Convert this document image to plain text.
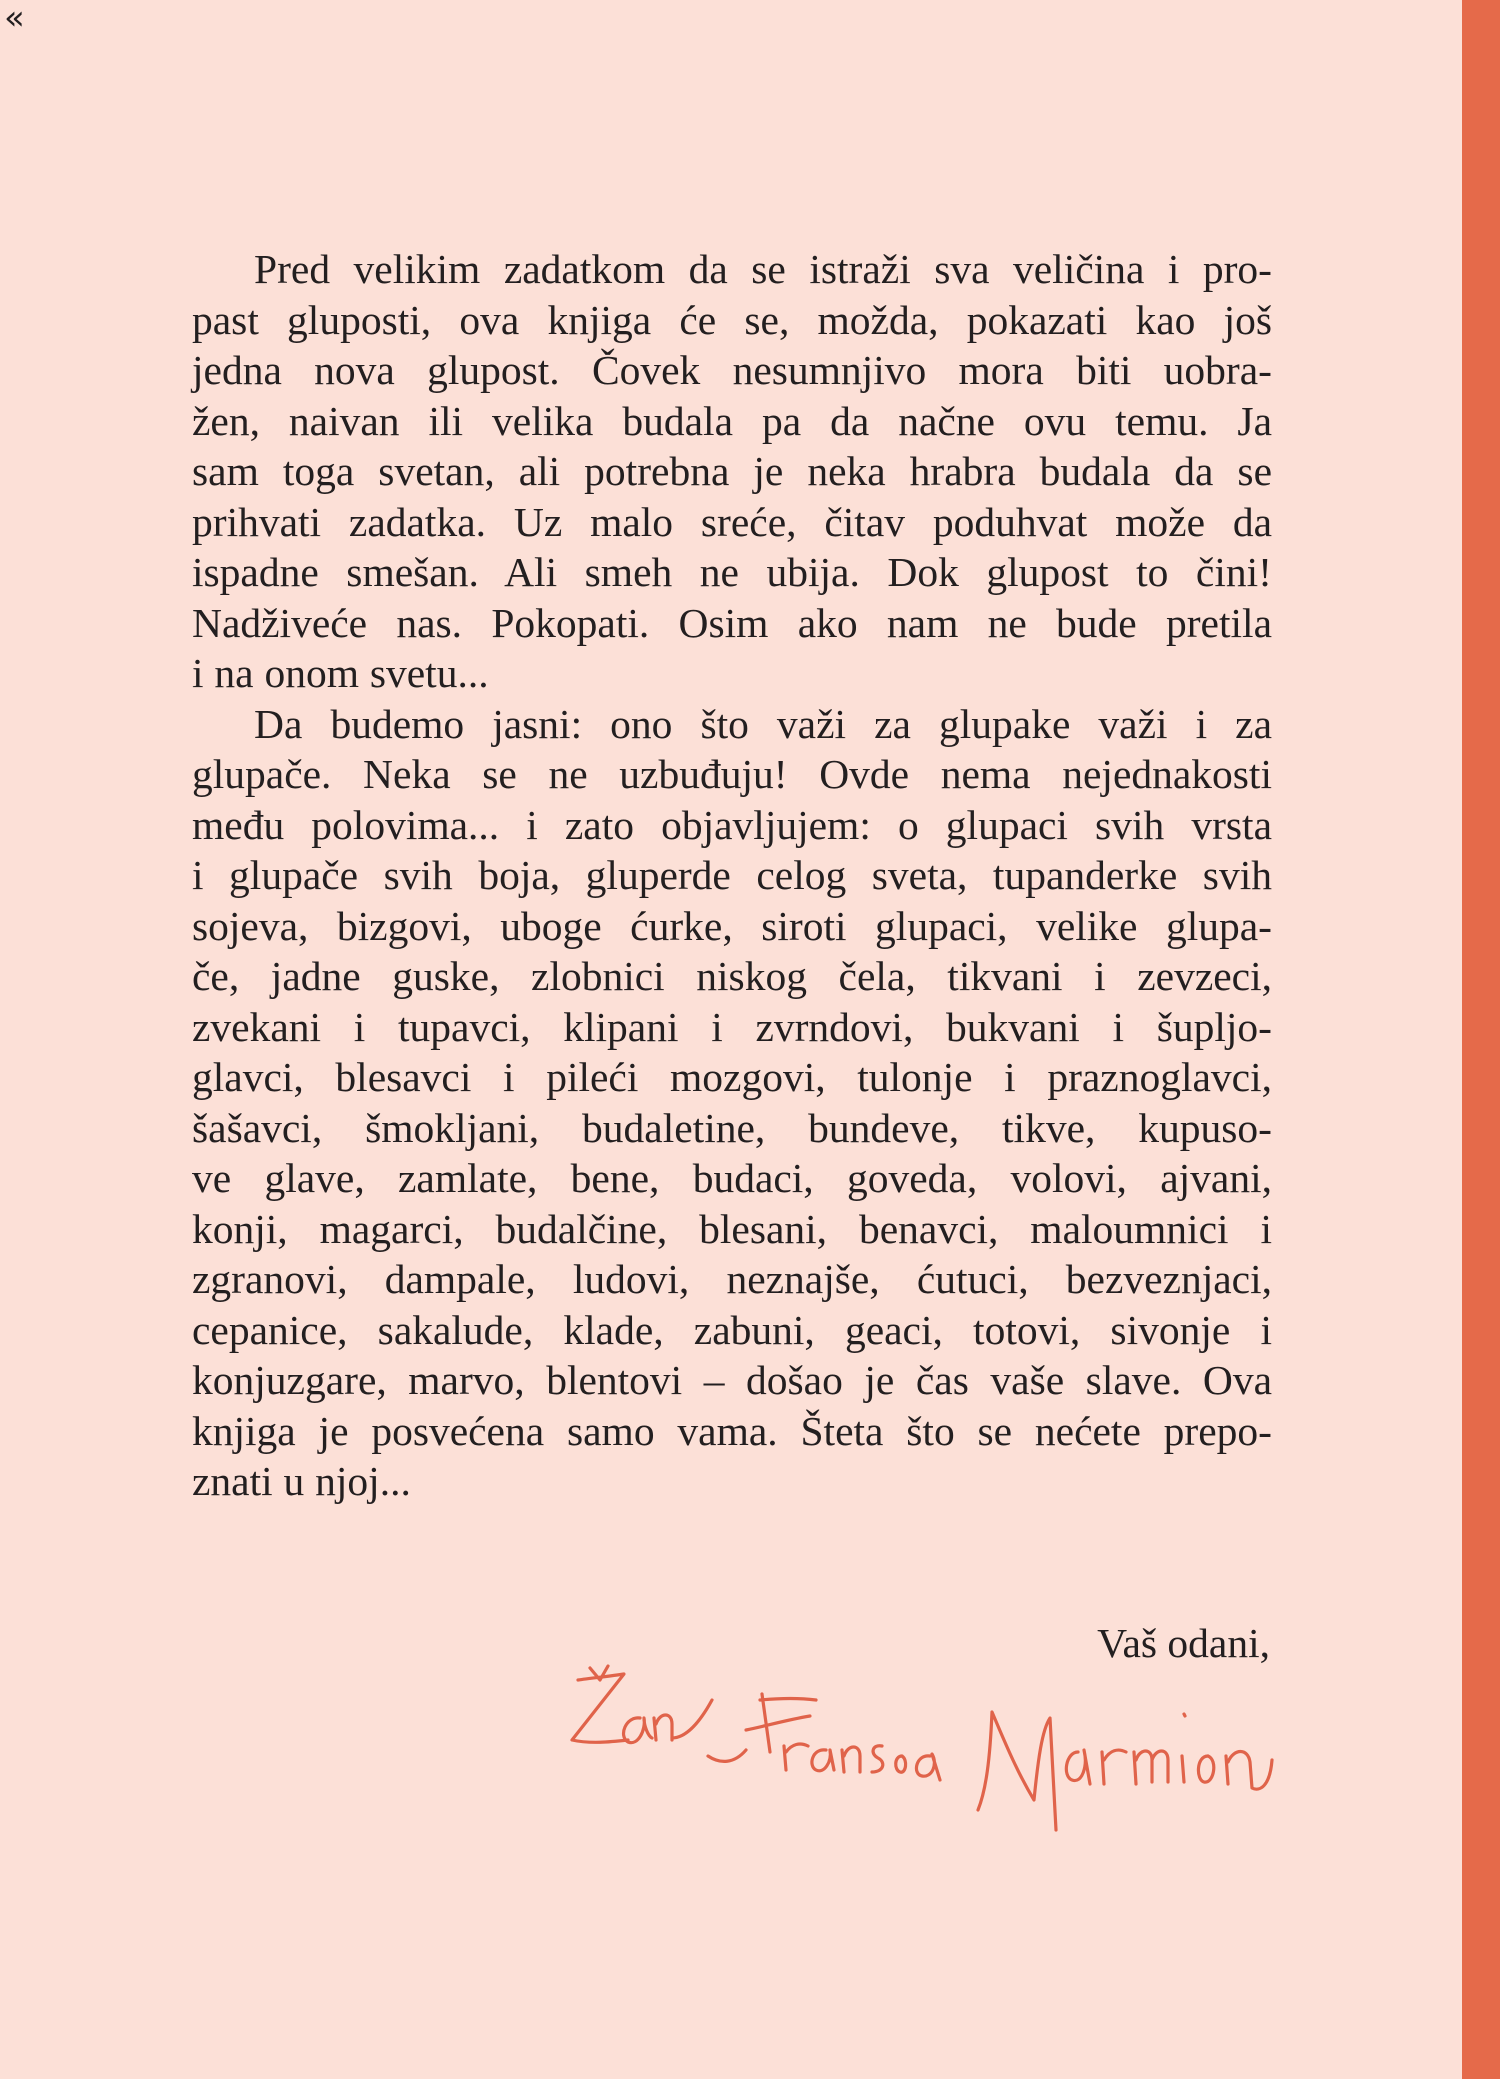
«

Pred velikim zadatkom da se istraži sva veličina i pro-
past gluposti, ova knjiga će se, možda, pokazati kao još
jedna nova glupost. Čovek nesumnjivo mora biti uobra-
žen, naivan ili velika budala pa da načne ovu temu. Ja
sam toga svetan, ali potrebna je neka hrabra budala da se
prihvati zadatka. Uz malo sreće, čitav poduhvat može da
ispadne smešan. Ali smeh ne ubija. Dok glupost to čini!
Nadživeće nas. Pokopati. Osim ako nam ne bude pretila
i na onom svetu...

Da budemo jasni: ono što važi za glupake važi i za
glupače. Neka se ne uzbuđuju! Ovde nema nejednakosti
među polovima... i zato objavljujem: o glupaci svih vrsta
i glupače svih boja, gluperde celog sveta, tupanderke svih
sojeva, bizgovi, uboge ćurke, siroti glupaci, velike glupa-
če, jadne guske, zlobnici niskog čela, tikvani i zevzeci,
zvekani i tupavci, klipani i zvrndovi, bukvani i šuplјo-
glavci, blesavci i pileći mozgovi, tulonje i praznoglavci,
šašavci, šmokljani, budaletine, bundeve, tikve, kupuso-
ve glave, zamlate, bene, budaci, goveda, volovi, ajvani,
konji, magarci, budalčine, blesani, benavci, maloumnici i
zgranovi, dampale, ludovi, neznajše, ćutuci, bezveznjaci,
cepanice, sakalude, klade, zabuni, geaci, totovi, sivonje i
konjuzgare, marvo, blentovi – došao je čas vaše slave. Ova
knjiga je posvećena samo vama. Šteta što se nećete prepo-
znati u njoj...

Vaš odani,
